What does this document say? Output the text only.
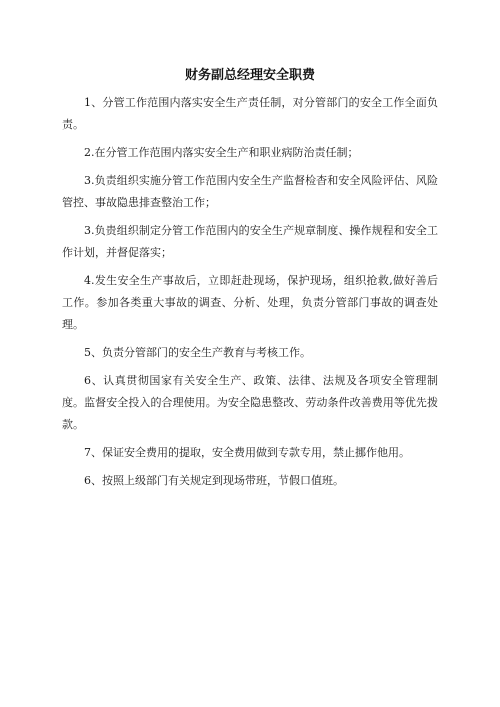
财务副总经理安全职费
1、分管工作范围内落实安全生产责任制，对分管部门的安全工作全面负责。
2.在分管工作范围内落实安全生产和职业病防治责任制；
3.负责组织实施分管工作范围内安全生产监督检杳和安全风险评估、风险管控、事故隐患排查整治工作；
3.负贵组织制定分管工作范围内的安全生产规章制度、操作规程和安全工作计划，并督促落实；
4.发生安全生产事故后，立即赶赴现场，保护现场，组织抢救,做好善后工作。参加各类重大事故的调查、分析、处理，负责分管部门事故的调查处理。
5、负责分管部门的安全生产教育与考核工作。
6、认真贯彻国家有关安全生产、政策、法律、法规及各项安全管理制度。监督安全投入的合理使用。为安全隐患整改、劳动条件改善费用等优先拨款。
7、保证安全费用的提取，安全费用做到专款专用，禁止挪作他用。
6、按照上级部门有关规定到现场带班，节假口值班。
